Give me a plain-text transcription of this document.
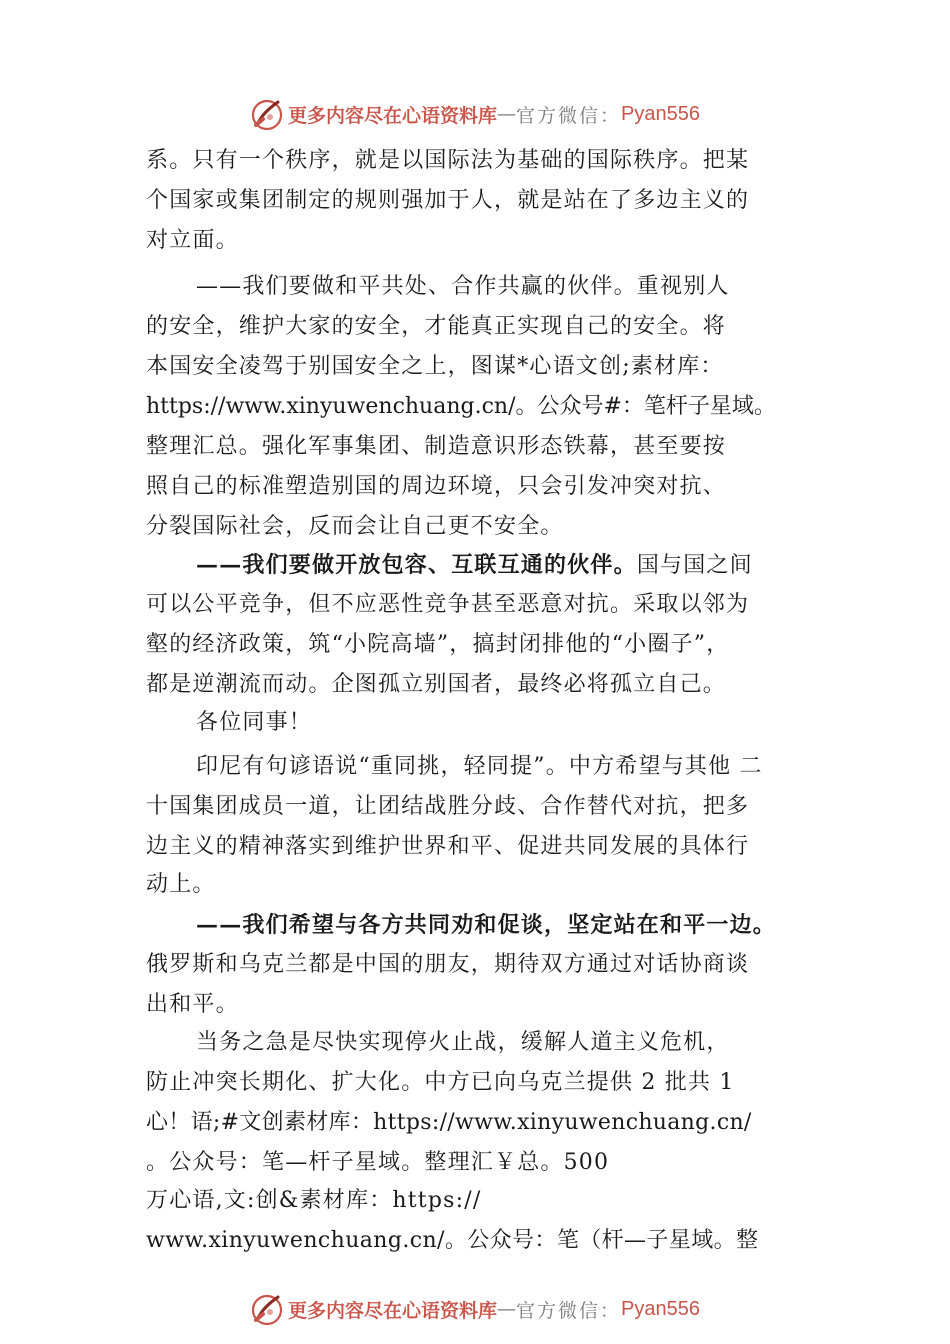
更多内容尽在心语资料库 — 官方微信： Pyan556
系。只有一个秩序，就是以国际法为基础的国际秩序。把某
个国家或集团制定的规则强加于人，就是站在了多边主义的
对立面。
——我们要做和平共处、合作共赢的伙伴。重视别人
的安全，维护大家的安全，才能真正实现自己的安全。将
本国安全凌驾于别国安全之上，图谋*心语文创;素材库：
https://www.xinyuwenchuang.cn/。公众号#：笔杆子星域。
整理汇总。强化军事集团、制造意识形态铁幕，甚至要按
照自己的标准塑造别国的周边环境，只会引发冲突对抗、
分裂国际社会，反而会让自己更不安全。
——我们要做开放包容、互联互通的伙伴。国与国之间
可以公平竞争，但不应恶性竞争甚至恶意对抗。采取以邻为
壑的经济政策，筑“小院高墙”，搞封闭排他的“小圈子”，
都是逆潮流而动。企图孤立别国者，最终必将孤立自己。
各位同事！
印尼有句谚语说“重同挑，轻同提”。中方希望与其他 二
十国集团成员一道，让团结战胜分歧、合作替代对抗，把多
边主义的精神落实到维护世界和平、促进共同发展的具体行
动上。
——我们希望与各方共同劝和促谈，坚定站在和平一边。
俄罗斯和乌克兰都是中国的朋友，期待双方通过对话协商谈
出和平。
当务之急是尽快实现停火止战，缓解人道主义危机，
防止冲突长期化、扩大化。中方已向乌克兰提供 2 批共 1
心！语;#文创素材库：https://www.xinyuwenchuang.cn/
。公众号：笔—杆子星域。整理汇￥总。500
万心语,文:创&素材库：https://
www.xinyuwenchuang.cn/。公众号：笔（杆—子星域。整
更多内容尽在心语资料库 — 官方微信： Pyan556
